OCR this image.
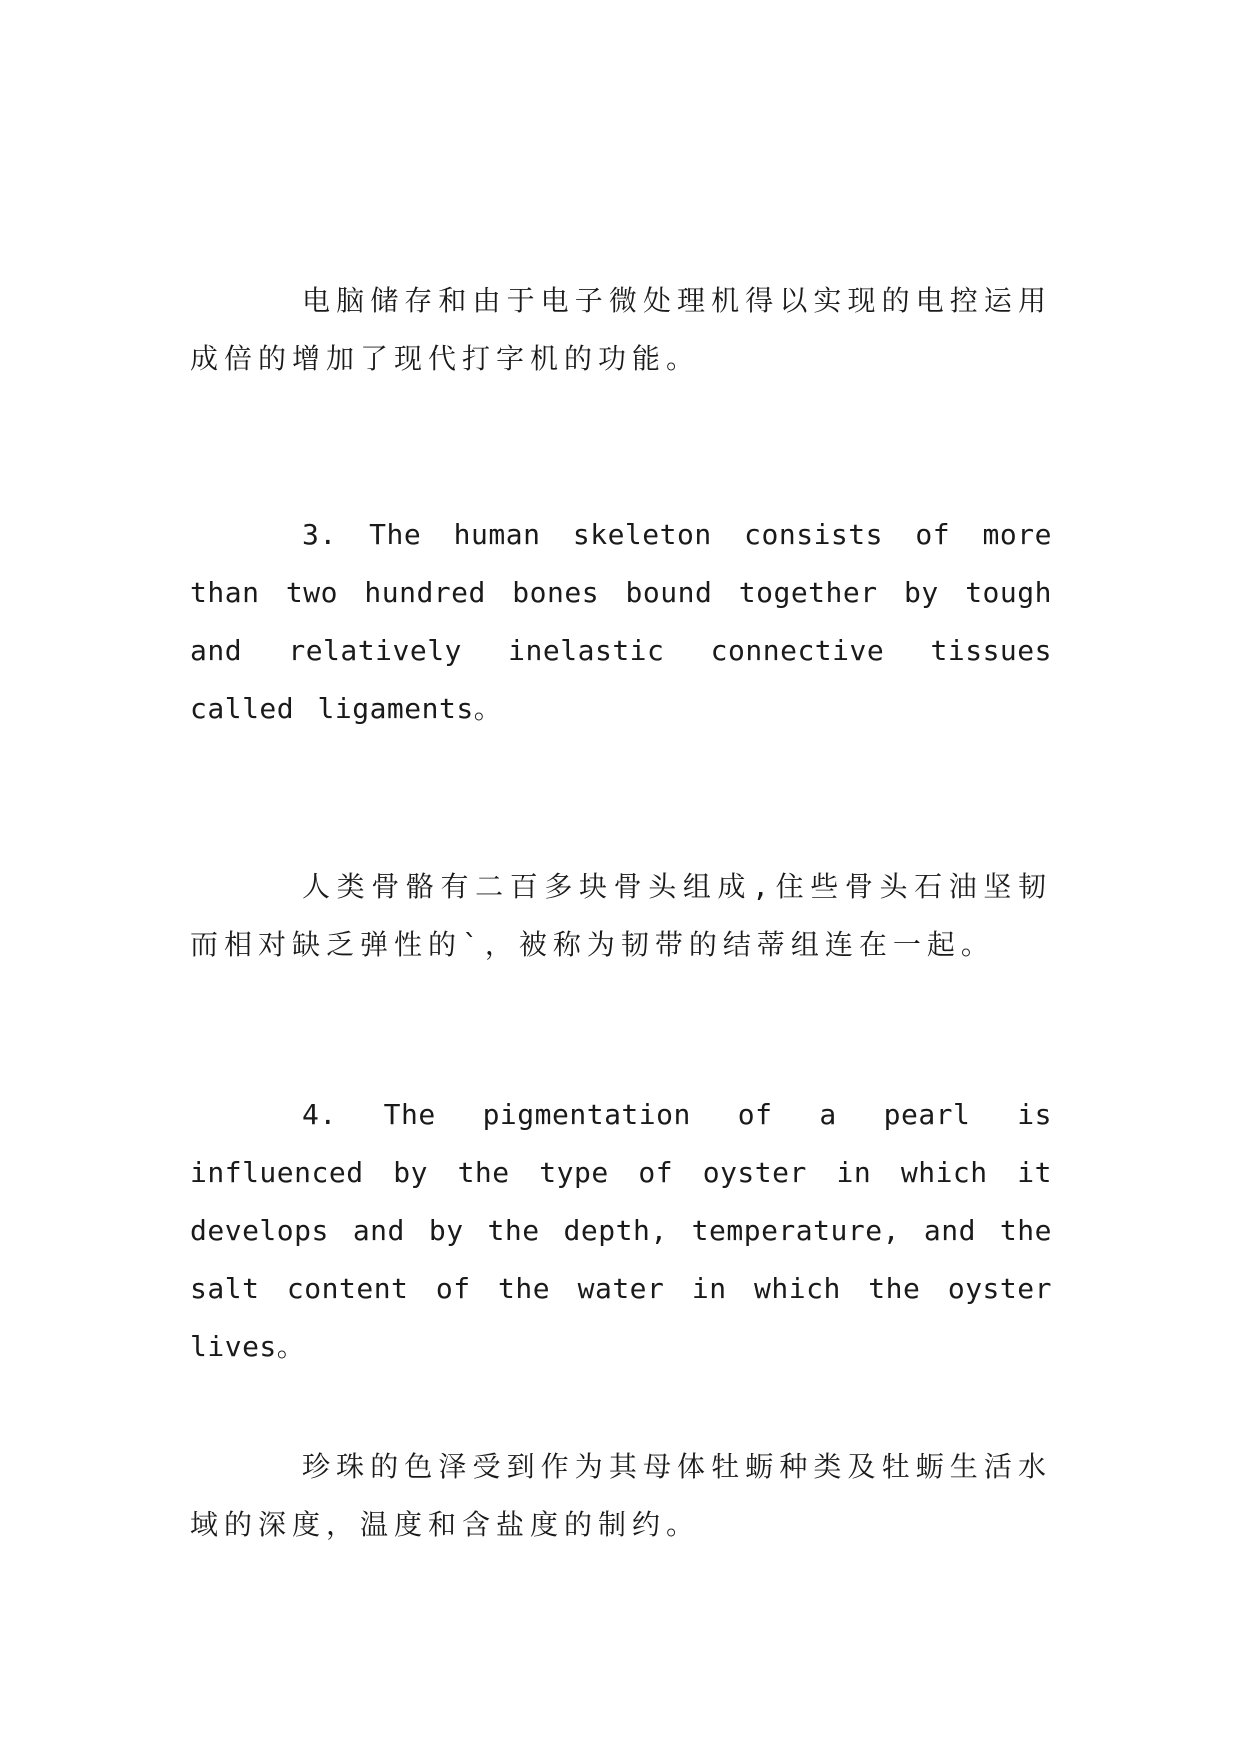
电脑储存和由于电子微处理机得以实现的电控运用成倍的增加了现代打字机的功能。

3. The human skeleton consists of more than two hundred bones bound together by tough and relatively inelastic connective tissues called ligaments。

人类骨骼有二百多块骨头组成,住些骨头石油坚韧而相对缺乏弹性的`，被称为韧带的结蒂组连在一起。

4. The pigmentation of a pearl is influenced by the type of oyster in which it develops and by the depth, temperature, and the salt content of the water in which the oyster lives。

珍珠的色泽受到作为其母体牡蛎种类及牡蛎生活水域的深度，温度和含盐度的制约。
